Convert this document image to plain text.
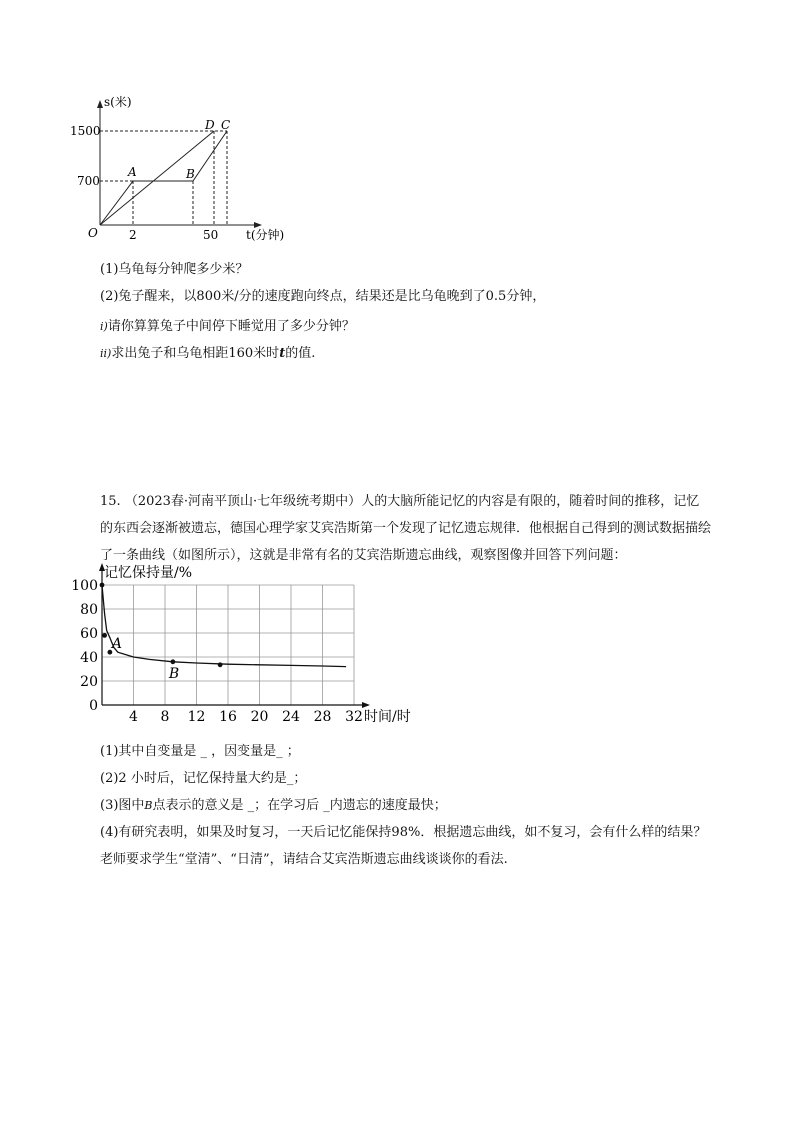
s(米)
t(分钟)
1500
700
2	50
O
A	B
D C
(1)乌龟每分钟爬多少米？
(2)兔子醒来，以800米/分的速度跑向终点，结果还是比乌龟晚到了0.5分钟，
i)请你算算兔子中间停下睡觉用了多少分钟？
ii)求出兔子和乌龟相距160米时t的值.
15. （2023春·河南平顶山·七年级统考期中）人的大脑所能记忆的内容是有限的，随着时间的推移，记忆的东西会逐渐被遗忘，德国心理学家艾宾浩斯第一个发现了记忆遗忘规律．他根据自己得到的测试数据描绘了一条曲线（如图所示），这就是非常有名的艾宾浩斯遗忘曲线，观察图像并回答下列问题：
0
20
40
60
80
100
4 8 12 16 20 24 28 32
A
B
记忆保持量/%
时间/时
(1)其中自变量是 _ ，因变量是_ ；
(2)2 小时后，记忆保持量大约是_；
(3)图中B点表示的意义是 _；在学习后 _内遗忘的速度最快；
(4)有研究表明，如果及时复习，一天后记忆能保持98%．根据遗忘曲线，如不复习，会有什么样的结果？
老师要求学生“堂清”、“日清”，请结合艾宾浩斯遗忘曲线谈谈你的看法.
